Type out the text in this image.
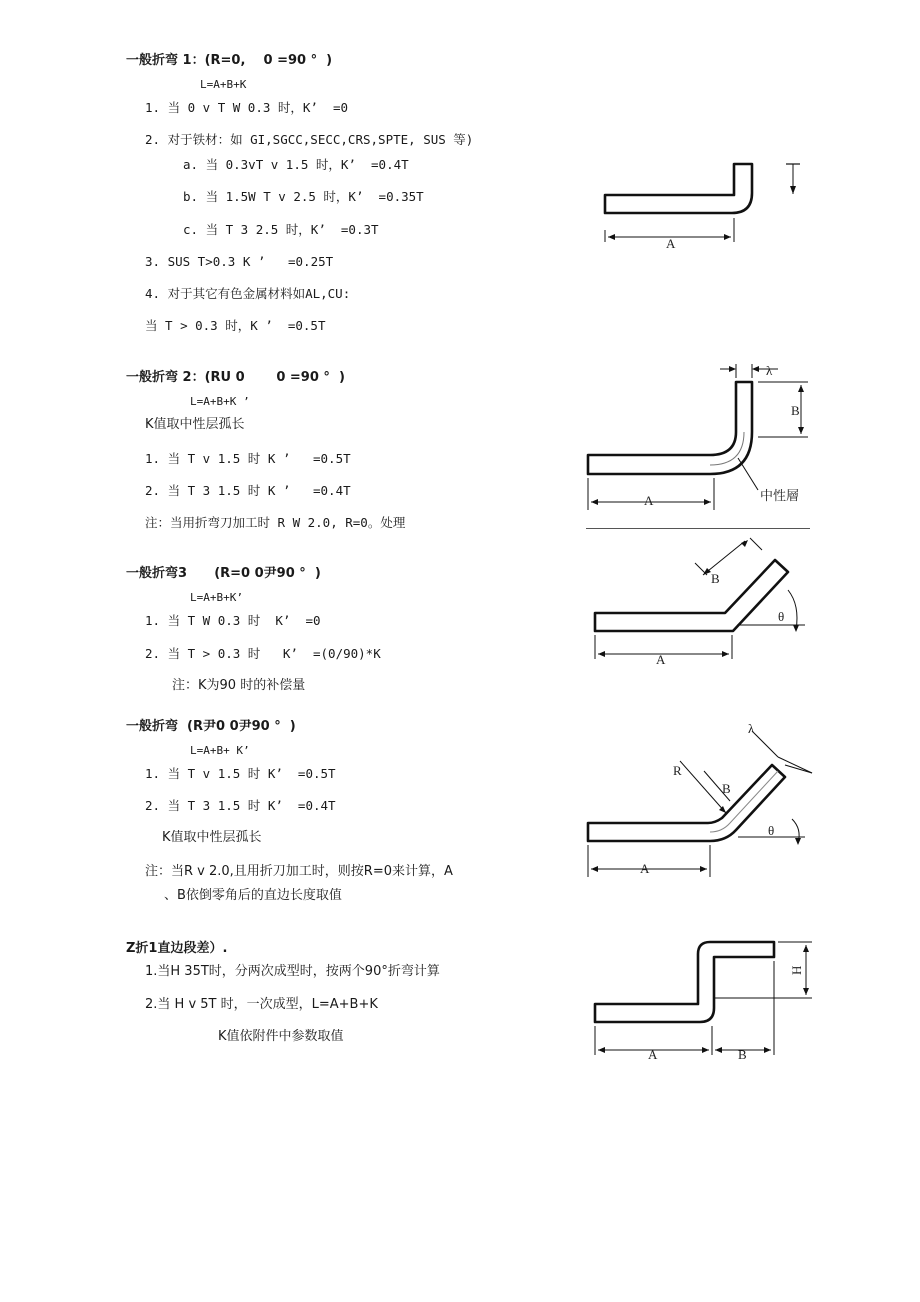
一般折弯 1：(R=0,    0 =90 °  )
L=A+B+K
1. 当 0 v T W 0.3 时，K’  =0
2. 对于铁材：如 GI,SGCC,SECC,CRS,SPTE, SUS 等)
a. 当 0.3vT v 1.5 时，K’  =0.4T
b. 当 1.5W T v 2.5 时，K’  =0.35T
c. 当 T 3 2.5 时，K’  =0.3T
3. SUS T>0.3 K ’   =0.25T
4. 对于其它有色金属材料如AL,CU:
当 T > 0.3 时，K ’  =0.5T
A
一般折弯 2：(RU 0       0 =90 °  )
L=A+B+K ’
K值取中性层孤长
1. 当 T v 1.5 时 K ’   =0.5T
2. 当 T 3 1.5 时 K ’   =0.4T
注：当用折弯刀加工时 R W 2.0, R=0。处理
λ
B
A	中性層
一般折弯3      (R=0 0尹90 °  )
L=A+B+K’
1. 当 T W 0.3 时  K’  =0
2. 当 T > 0.3 时   K’  =(0/90)*K
注：K为90 时的补偿量
B
θ
A
一般折弯  (R尹0 0尹90 °  )
L=A+B+ K’
1. 当 T v 1.5 时 K’  =0.5T
2. 当 T 3 1.5 时 K’  =0.4T
K值取中性层孤长
注：当R v 2.0,且用折刀加工时，则按R=0来计算，A
、B依倒零角后的直边长度取值
λ
R
B
θ
A
Z折1直边段差）.
1.当H 35T时，分两次成型时，按两个90°折弯计算
2.当 H v 5T 时，一次成型，L=A+B+K
K值依附件中参数取值
A	B
H
